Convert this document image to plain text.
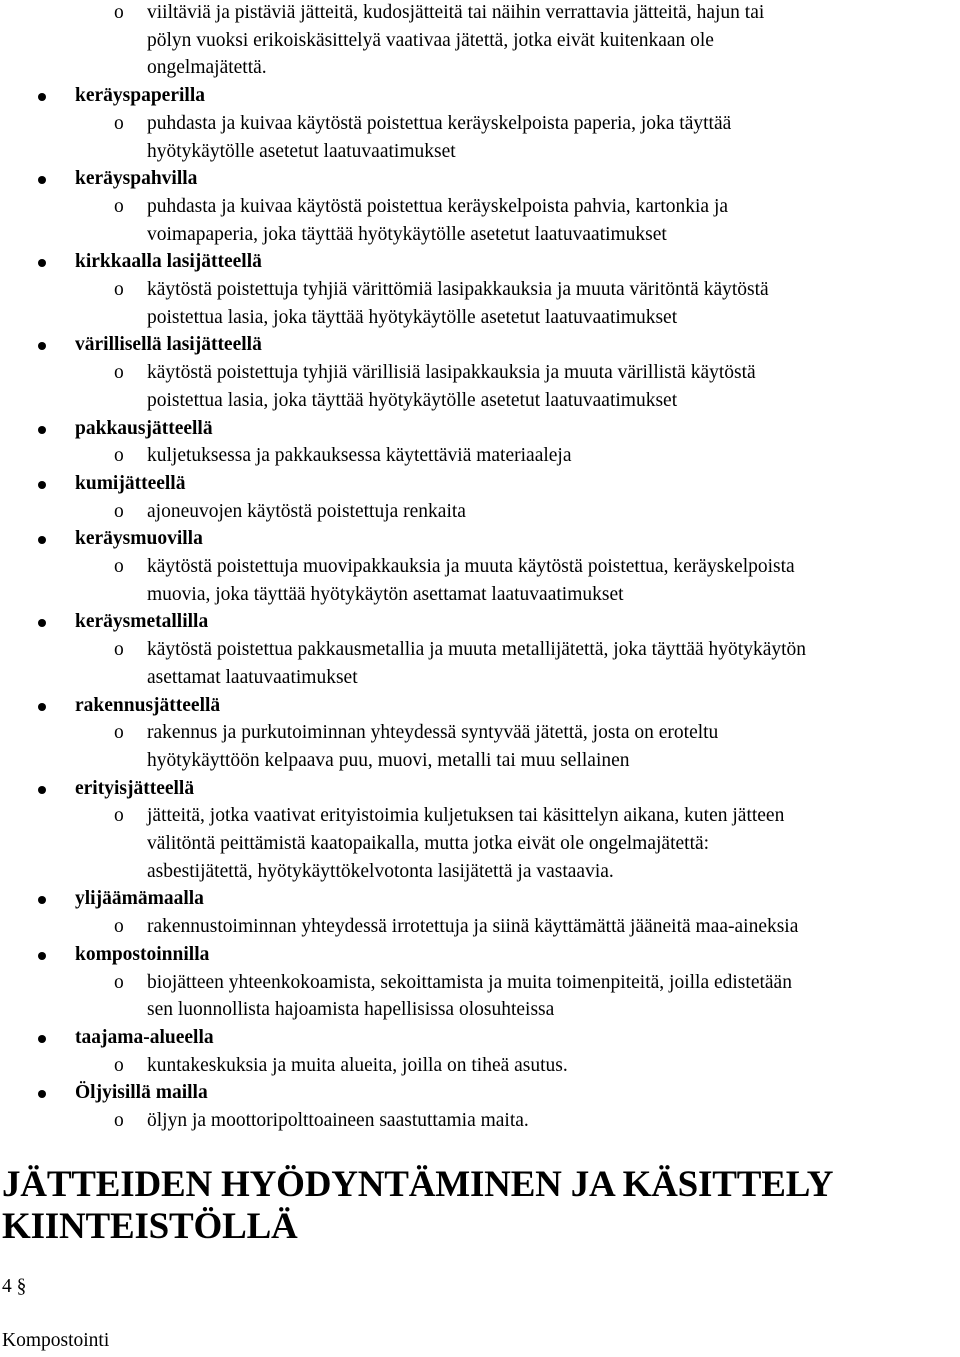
o viiltäviä ja pistäviä jätteitä, kudosjätteitä tai näihin verrattavia jätteitä, hajun tai
pölyn vuoksi erikoiskäsittelyä vaativaa jätettä, jotka eivät kuitenkaan ole
ongelmajätettä.
keräyspaperilla
o puhdasta ja kuivaa käytöstä poistettua keräyskelpoista paperia, joka täyttää
hyötykäytölle asetetut laatuvaatimukset
keräyspahvilla
o puhdasta ja kuivaa käytöstä poistettua keräyskelpoista pahvia, kartonkia ja
voimapaperia, joka täyttää hyötykäytölle asetetut laatuvaatimukset
kirkkaalla lasijätteellä
o käytöstä poistettuja tyhjiä värittömiä lasipakkauksia ja muuta väritöntä käytöstä
poistettua lasia, joka täyttää hyötykäytölle asetetut laatuvaatimukset
värillisellä lasijätteellä
o käytöstä poistettuja tyhjiä värillisiä lasipakkauksia ja muuta värillistä käytöstä
poistettua lasia, joka täyttää hyötykäytölle asetetut laatuvaatimukset
pakkausjätteellä
o kuljetuksessa ja pakkauksessa käytettäviä materiaaleja
kumijätteellä
o ajoneuvojen käytöstä poistettuja renkaita
keräysmuovilla
o käytöstä poistettuja muovipakkauksia ja muuta käytöstä poistettua, keräyskelpoista
muovia, joka täyttää hyötykäytön asettamat laatuvaatimukset
keräysmetallilla
o käytöstä poistettua pakkausmetallia ja muuta metallijätettä, joka täyttää hyötykäytön
asettamat laatuvaatimukset
rakennusjätteellä
o rakennus ja purkutoiminnan yhteydessä syntyvää jätettä, josta on eroteltu
hyötykäyttöön kelpaava puu, muovi, metalli tai muu sellainen
erityisjätteellä
o jätteitä, jotka vaativat erityistoimia kuljetuksen tai käsittelyn aikana, kuten jätteen
välitöntä peittämistä kaatopaikalla, mutta jotka eivät ole ongelmajätettä:
asbestijätettä, hyötykäyttökelvotonta lasijätettä ja vastaavia.
ylijäämämaalla
o rakennustoiminnan yhteydessä irrotettuja ja siinä käyttämättä jääneitä maa-aineksia
kompostoinnilla
o biojätteen yhteenkokoamista, sekoittamista ja muita toimenpiteitä, joilla edistetään
sen luonnollista hajoamista hapellisissa olosuhteissa
taajama-alueella
o kuntakeskuksia ja muita alueita, joilla on tiheä asutus.
Öljyisillä mailla
o öljyn ja moottoripolttoaineen saastuttamia maita.
JÄTTEIDEN HYÖDYNTÄMINEN JA KÄSITTELY
KIINTEISTÖLLÄ
4 §
Kompostointi
